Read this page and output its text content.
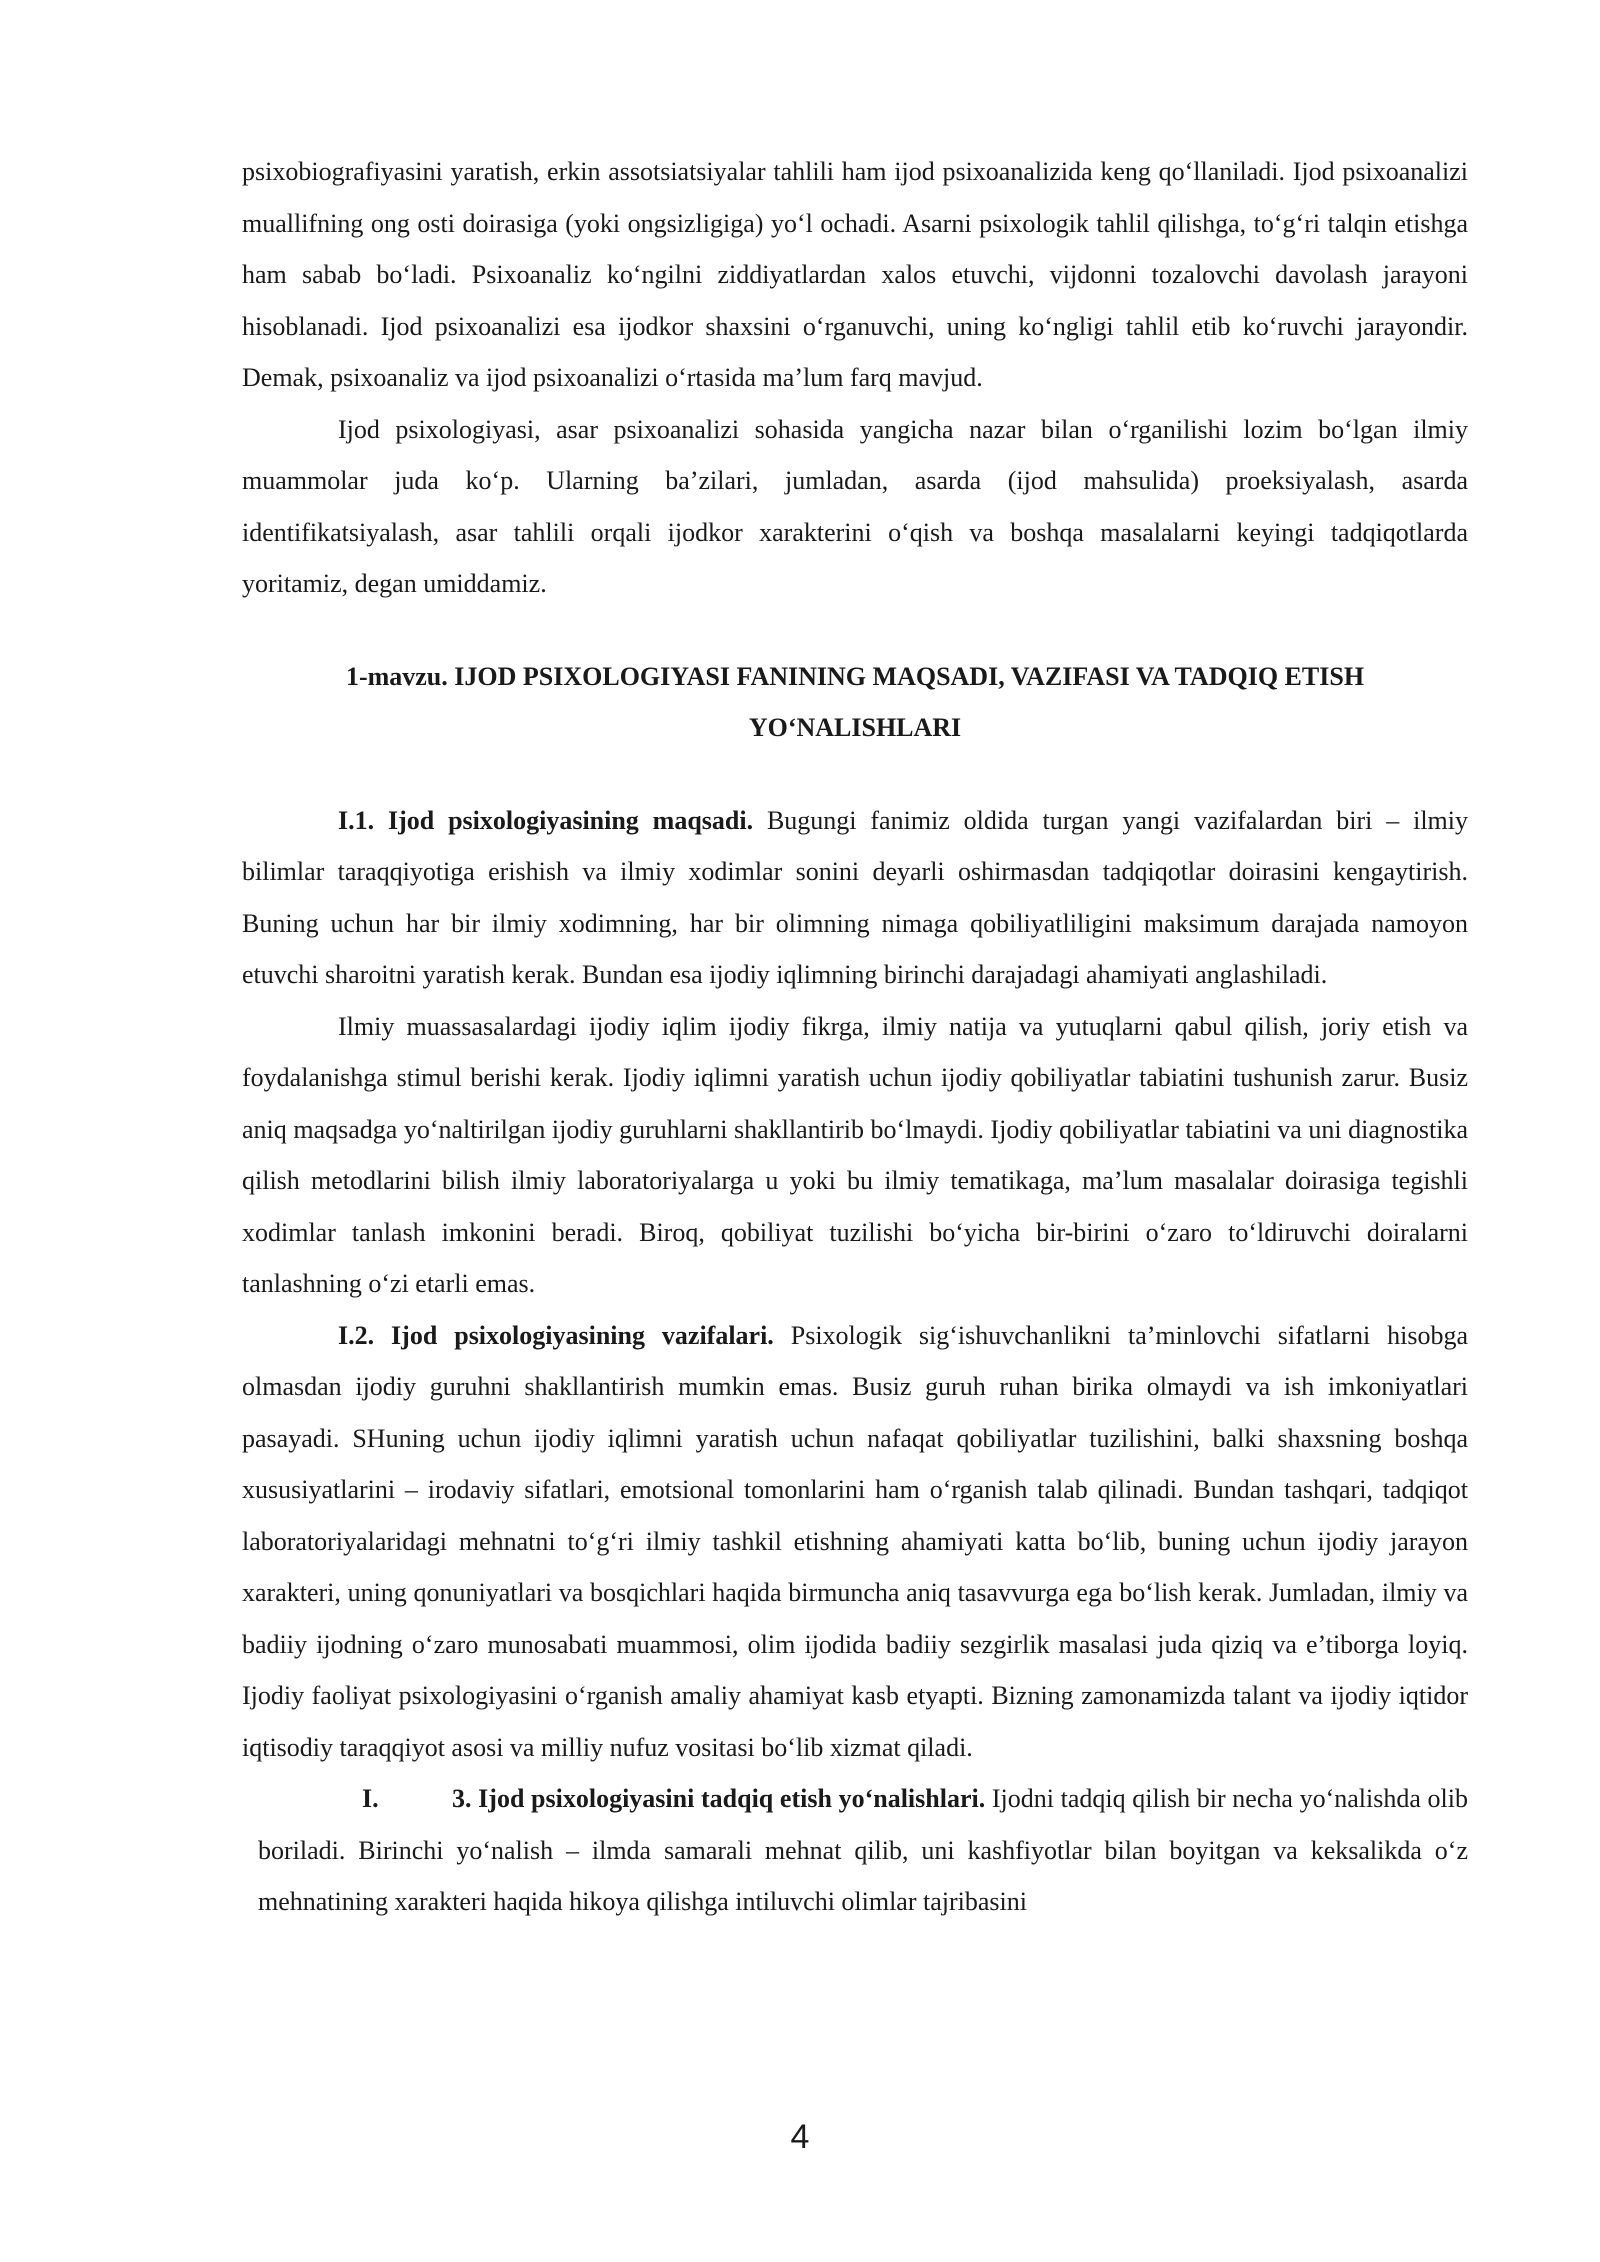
psixobiografiyasini yaratish, erkin assotsiatsiyalar tahlili ham ijod psixoanalizida keng qo‘llaniladi. Ijod psixoanalizi muallifning ong osti doirasiga (yoki ongsizligiga) yo‘l ochadi. Asarni psixologik tahlil qilishga, to‘g‘ri talqin etishga ham sabab bo‘ladi. Psixoanaliz ko‘ngilni ziddiyatlardan xalos etuvchi, vijdonni tozalovchi davolash jarayoni hisoblanadi. Ijod psixoanalizi esa ijodkor shaxsini o‘rganuvchi, uning ko‘ngligi tahlil etib ko‘ruvchi jarayondir. Demak, psixoanaliz va ijod psixoanalizi o‘rtasida ma’lum farq mavjud.

Ijod psixologiyasi, asar psixoanalizi sohasida yangicha nazar bilan o‘rganilishi lozim bo‘lgan ilmiy muammolar juda ko‘p. Ularning ba’zilari, jumladan, asarda (ijod mahsulida) proeksiyalash, asarda identifikatsiyalash, asar tahlili orqali ijodkor xarakterini o‘qish va boshqa masalalarni keyingi tadqiqotlarda yoritamiz, degan umiddamiz.

1-mavzu. IJOD PSIXOLOGIYASI FANINING MAQSADI, VAZIFASI VA TADQIQ ETISH YO‘NALISHLARI

I.1. Ijod psixologiyasining maqsadi. Bugungi fanimiz oldida turgan yangi vazifalardan biri – ilmiy bilimlar taraqqiyotiga erishish va ilmiy xodimlar sonini deyarli oshirmasdan tadqiqotlar doirasini kengaytirish. Buning uchun har bir ilmiy xodimning, har bir olimning nimaga qobiliyatliligini maksimum darajada namoyon etuvchi sharoitni yaratish kerak. Bundan esa ijodiy iqlimning birinchi darajadagi ahamiyati anglashiladi.

Ilmiy muassasalardagi ijodiy iqlim ijodiy fikrga, ilmiy natija va yutuqlarni qabul qilish, joriy etish va foydalanishga stimul berishi kerak. Ijodiy iqlimni yaratish uchun ijodiy qobiliyatlar tabiatini tushunish zarur. Busiz aniq maqsadga yo‘naltirilgan ijodiy guruhlarni shakllantirib bo‘lmaydi. Ijodiy qobiliyatlar tabiatini va uni diagnostika qilish metodlarini bilish ilmiy laboratoriyalarga u yoki bu ilmiy tematikaga, ma’lum masalalar doirasiga tegishli xodimlar tanlash imkonini beradi. Biroq, qobiliyat tuzilishi bo‘yicha bir-birini o‘zaro to‘ldiruvchi doiralarni tanlashning o‘zi etarli emas.

I.2. Ijod psixologiyasining vazifalari. Psixologik sig‘ishuvchanlikni ta’minlovchi sifatlarni hisobga olmasdan ijodiy guruhni shakllantirish mumkin emas. Busiz guruh ruhan birika olmaydi va ish imkoniyatlari pasayadi. SHuning uchun ijodiy iqlimni yaratish uchun nafaqat qobiliyatlar tuzilishini, balki shaxsning boshqa xususiyatlarini – irodaviy sifatlari, emotsional tomonlarini ham o‘rganish talab qilinadi. Bundan tashqari, tadqiqot laboratoriyalaridagi mehnatni to‘g‘ri ilmiy tashkil etishning ahamiyati katta bo‘lib, buning uchun ijodiy jarayon xarakteri, uning qonuniyatlari va bosqichlari haqida birmuncha aniq tasavvurga ega bo‘lish kerak. Jumladan, ilmiy va badiiy ijodning o‘zaro munosabati muammosi, olim ijodida badiiy sezgirlik masalasi juda qiziq va e’tiborga loyiq. Ijodiy faoliyat psixologiyasini o‘rganish amaliy ahamiyat kasb etyapti. Bizning zamonamizda talant va ijodiy iqtidor iqtisodiy taraqqiyot asosi va milliy nufuz vositasi bo‘lib xizmat qiladi.

I.	3. Ijod psixologiyasini tadqiq etish yo‘nalishlari. Ijodni tadqiq qilish bir necha yo‘nalishda olib boriladi. Birinchi yo‘nalish – ilmda samarali mehnat qilib, uni kashfiyotlar bilan boyitgan va keksalikda o‘z mehnatining xarakteri haqida hikoya qilishga intiluvchi olimlar tajribasini

4
